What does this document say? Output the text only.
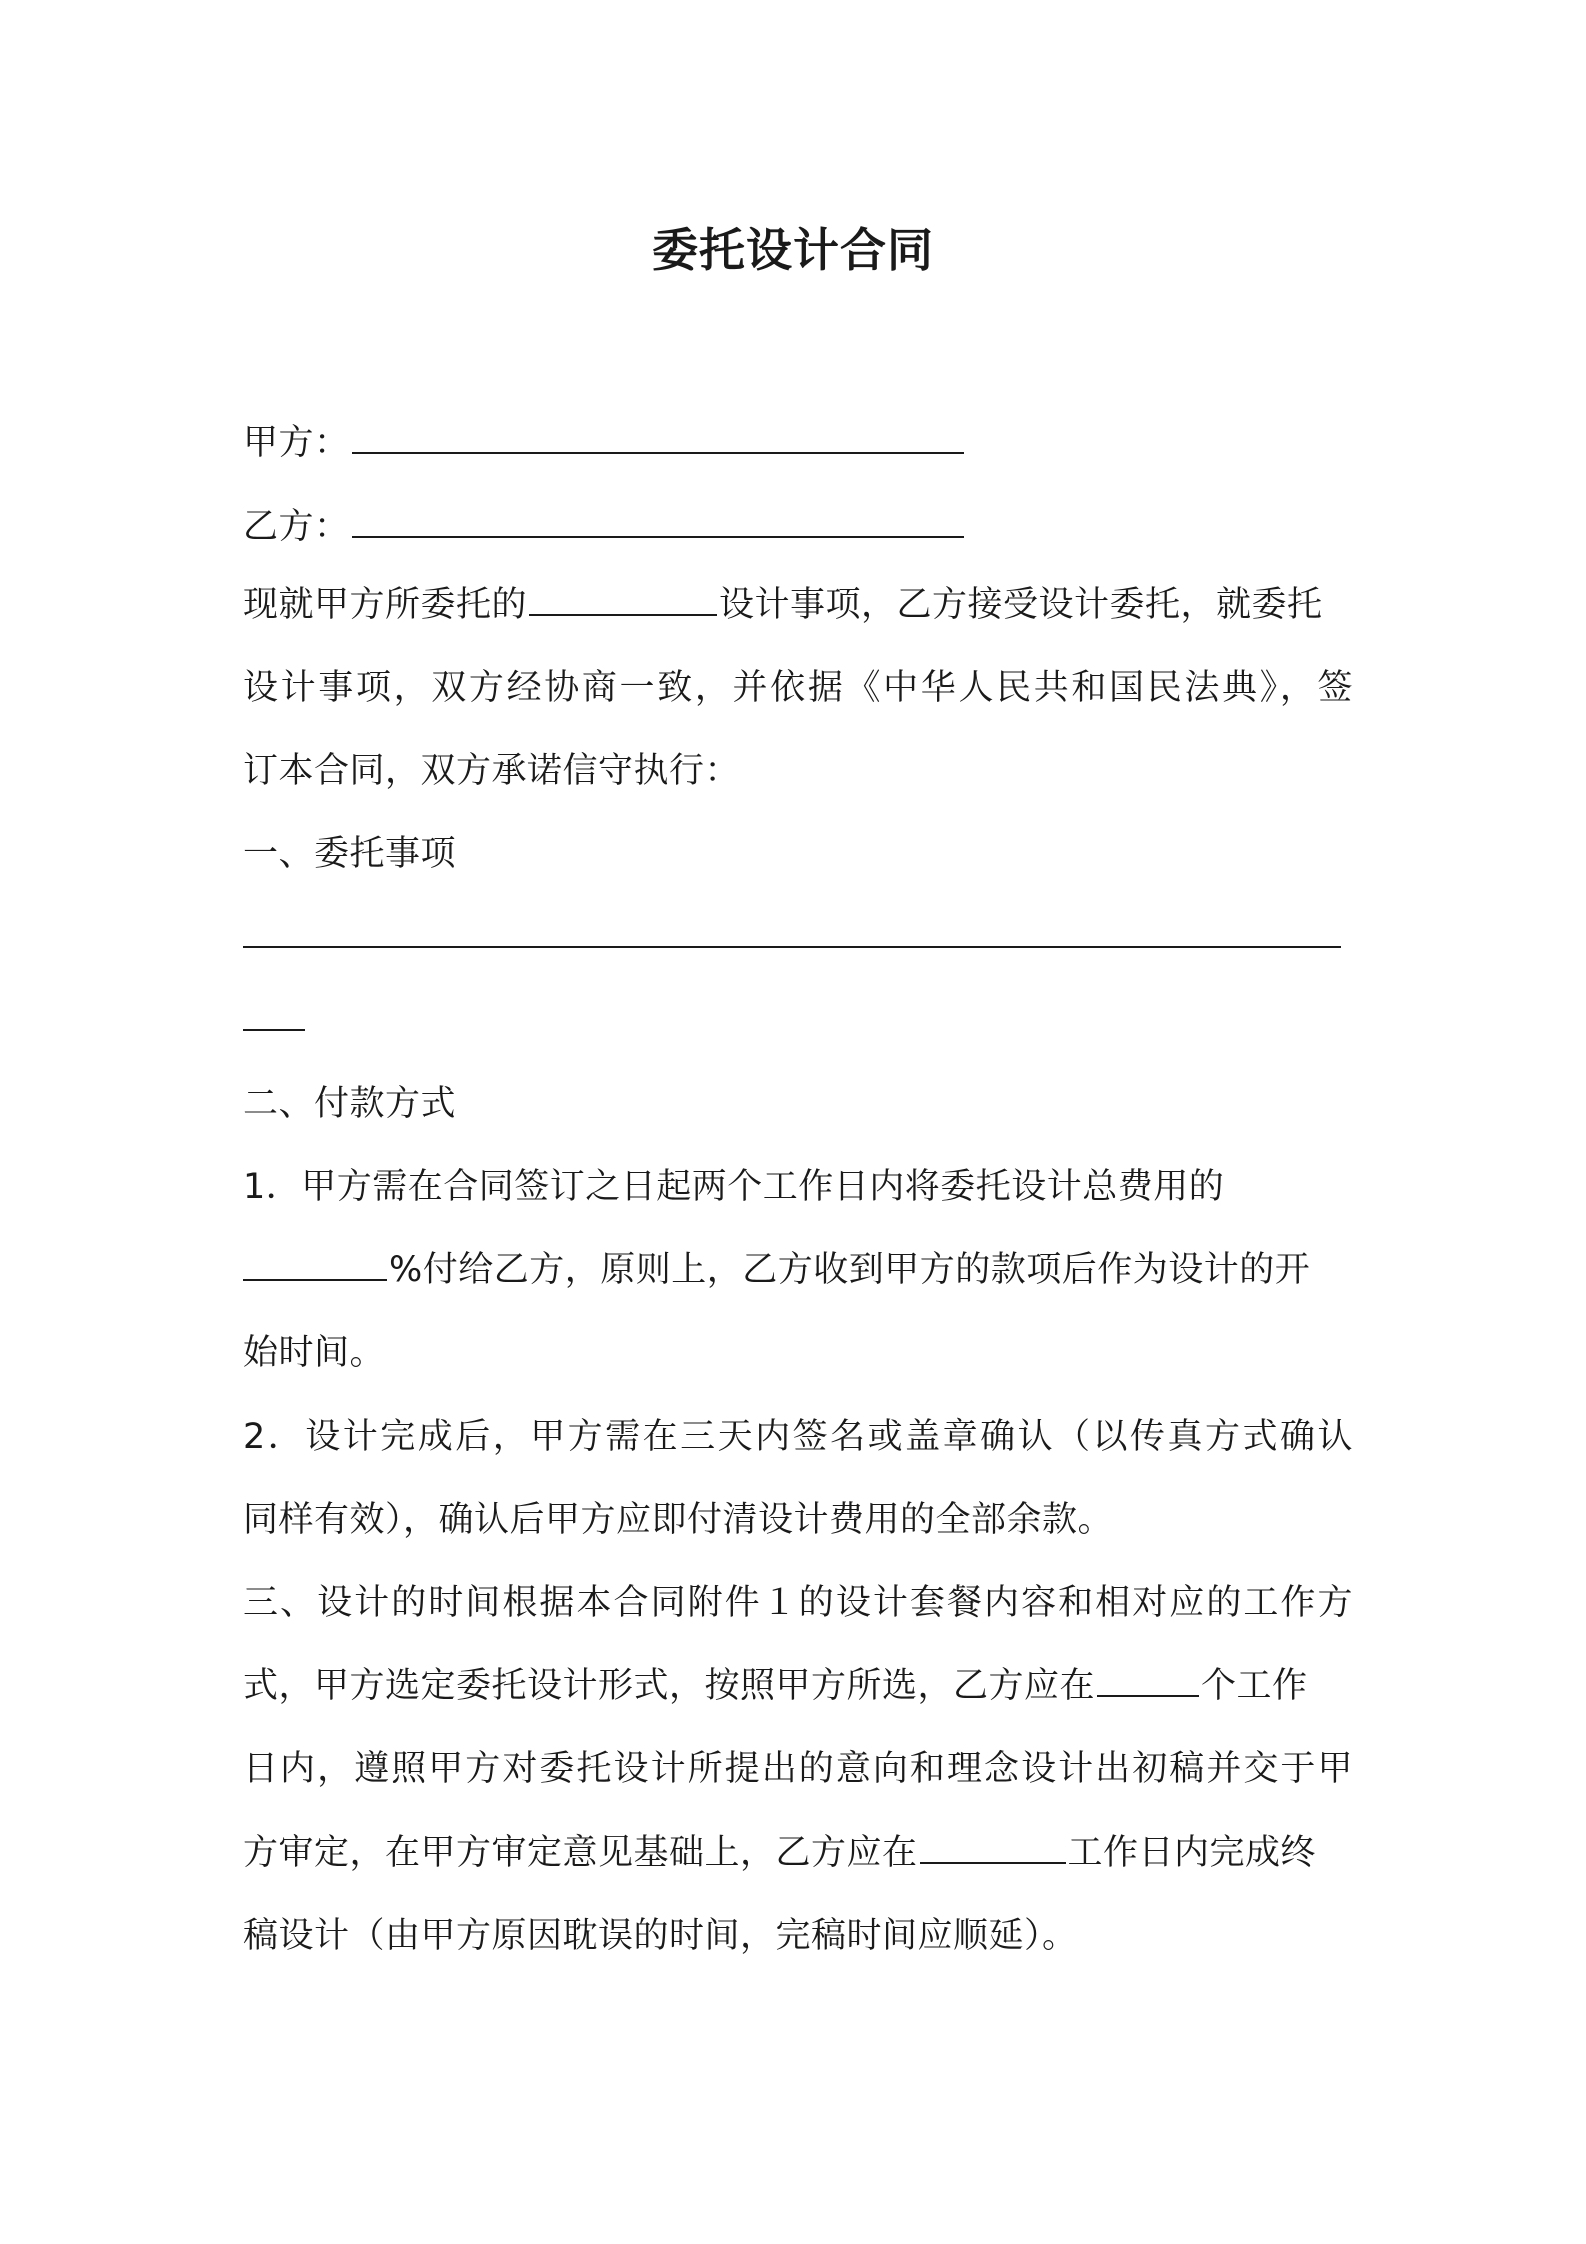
委托设计合同
甲方：
乙方：
现就甲方所委托的	设计事项，乙方接受设计委托，就委托
设计事项，双方经协商一致，并依据《中华人民共和国民法典》，签
订本合同，双方承诺信守执行：
一、委托事项
二、付款方式
1．甲方需在合同签订之日起两个工作日内将委托设计总费用的
%付给乙方，原则上，乙方收到甲方的款项后作为设计的开
始时间。
2．设计完成后，甲方需在三天内签名或盖章确认（以传真方式确认
同样有效），确认后甲方应即付清设计费用的全部余款。
三、设计的时间根据本合同附件１的设计套餐内容和相对应的工作方
式，甲方选定委托设计形式，按照甲方所选，乙方应在	个工作
日内，遵照甲方对委托设计所提出的意向和理念设计出初稿并交于甲
方审定，在甲方审定意见基础上，乙方应在	工作日内完成终
稿设计（由甲方原因耽误的时间，完稿时间应顺延）。
